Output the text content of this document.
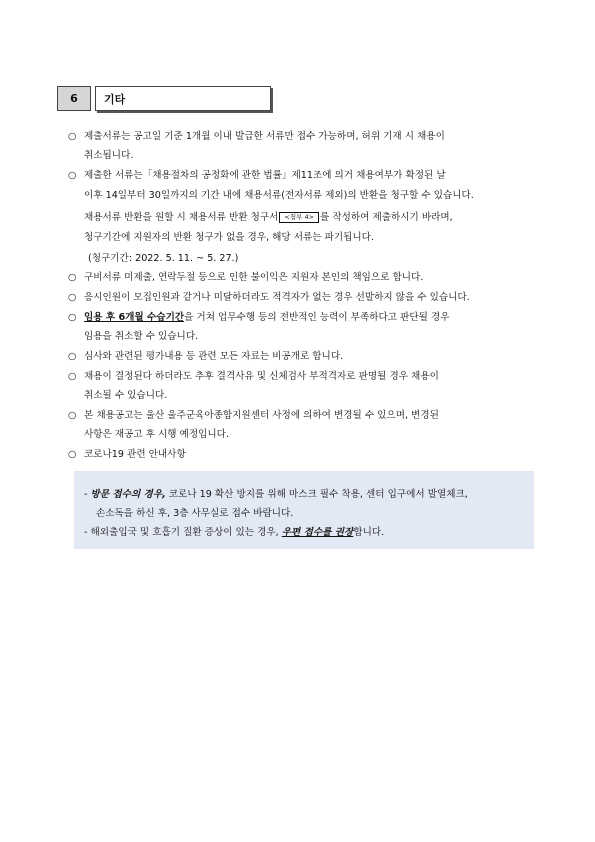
6	기타
○ 제출서류는 공고일 기준 1개월 이내 발급한 서류만 접수 가능하며, 허위 기재 시 채용이
취소됩니다.
○ 제출한 서류는「채용절차의 공정화에 관한 법률」제11조에 의거 채용여부가 확정된 날
이후 14일부터 30일까지의 기간 내에 채용서류(전자서류 제외)의 반환을 청구할 수 있습니다.
채용서류 반환을 원할 시 채용서류 반환 청구서 <첨부 4> 를 작성하여 제출하시기 바라며,
청구기간에 지원자의 반환 청구가 없을 경우, 해당 서류는 파기됩니다.
(청구기간: 2022. 5. 11. ~ 5. 27.)
○ 구비서류 미제출, 연락두절 등으로 인한 불이익은 지원자 본인의 책임으로 합니다.
○ 응시인원이 모집인원과 같거나 미달하더라도 적격자가 없는 경우 선발하지 않을 수 있습니다.
○ 임용 후 6개월 수습기간을 거쳐 업무수행 등의 전반적인 능력이 부족하다고 판단될 경우
임용을 취소할 수 있습니다.
○ 심사와 관련된 평가내용 등 관련 모든 자료는 비공개로 합니다.
○ 채용이 결정된다 하더라도 추후 결격사유 및 신체검사 부적격자로 판명될 경우 채용이
취소될 수 있습니다.
○ 본 채용공고는 울산 울주군육아종합지원센터 사정에 의하여 변경될 수 있으며, 변경된
사항은 재공고 후 시행 예정입니다.
○ 코로나19 관련 안내사항
- 방문 접수의 경우, 코로나 19 확산 방지를 위해 마스크 필수 착용, 센터 입구에서 발열체크,
손소독을 하신 후, 3층 사무실로 접수 바랍니다.
- 해외출입국 및 호흡기 질환 증상이 있는 경우, 우편 접수를 권장합니다.
